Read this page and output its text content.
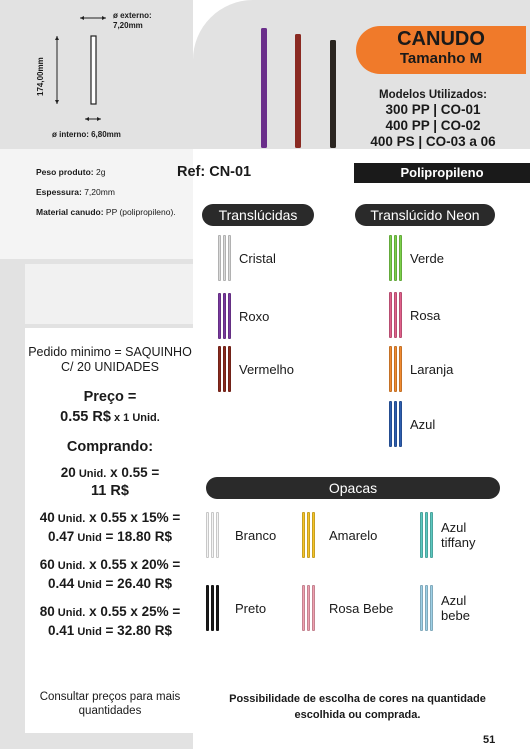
ø externo:
7,20mm
174,00mm
ø interno: 6,80mm
CANUDO
Tamanho M
Modelos Utilizados:
300 PP | CO-01
400 PP | CO-02
400 PS | CO-03 a 06

Peso produto: 2g

Espessura: 7,20mm

Material canudo: PP (polipropileno).

Pedido minimo = SAQUINHO C/ 20 UNIDADES
Preço =
0.55 R$ x 1 Unid.
Comprando:
20 Unid. x 0.55 =
11 R$
40 Unid. x 0.55 x 15% =
0.47 Unid = 18.80 R$
60 Unid. x 0.55 x 20% =
0.44 Unid = 26.40 R$
80 Unid. x 0.55 x 25% =
0.41 Unid = 32.80 R$
Consultar preços para mais quantidades
Ref: CN-01	Polipropileno
Translúcidas	Translúcido Neon
Opacas
Cristal
Roxo
Vermelho
Verde
Rosa
Laranja
Azul
Branco	Amarelo	Azul tiffany
Preto	Rosa Bebe	Azul bebe
Possibilidade de escolha de cores na quantidade escolhida ou comprada.
51
